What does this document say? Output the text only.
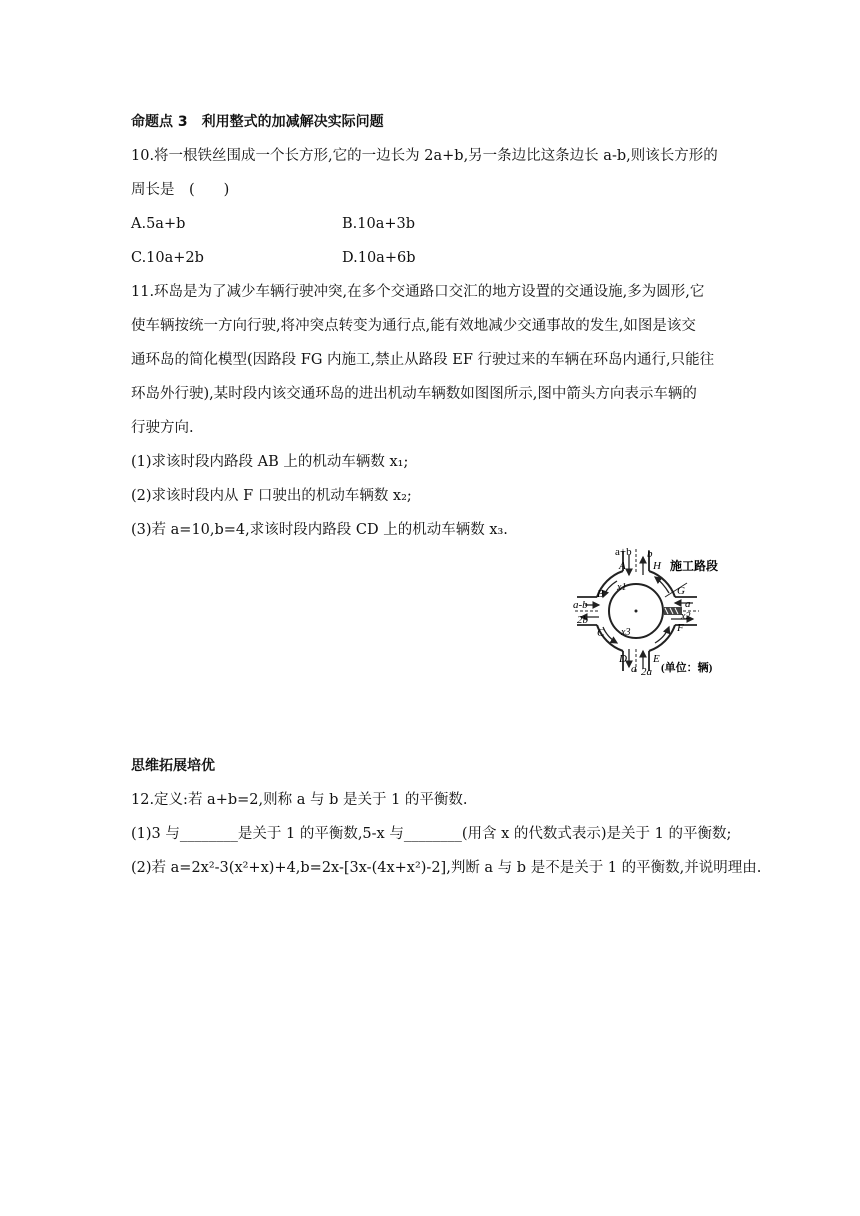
命题点 3　利用整式的加减解决实际问题
10.将一根铁丝围成一个长方形,它的一边长为 2a+b,另一条边比这条边长 a-b,则该长方形的
周长是　(　　)
A.5a+b	B.10a+3b
C.10a+2b	D.10a+6b
11.环岛是为了减少车辆行驶冲突,在多个交通路口交汇的地方设置的交通设施,多为圆形,它
使车辆按统一方向行驶,将冲突点转变为通行点,能有效地减少交通事故的发生,如图是该交
通环岛的简化模型(因路段 FG 内施工,禁止从路段 EF 行驶过来的车辆在环岛内通行,只能往
环岛外行驶),某时段内该交通环岛的进出机动车辆数如图图所示,图中箭头方向表示车辆的
行驶方向.
(1)求该时段内路段 AB 上的机动车辆数 x₁;
(2)求该时段内从 F 口驶出的机动车辆数 x₂;
(3)若 a=10,b=4,求该时段内路段 CD 上的机动车辆数 x₃.
a+b b
A H 施工路段
x1
B	G
a-b	a
x2
2b
C x3	F
D E
a 2a (单位：辆)
思维拓展培优
12.定义:若 a+b=2,则称 a 与 b 是关于 1 的平衡数.
(1)3 与________是关于 1 的平衡数,5-x 与________(用含 x 的代数式表示)是关于 1 的平衡数;
(2)若 a=2x²-3(x²+x)+4,b=2x-[3x-(4x+x²)-2],判断 a 与 b 是不是关于 1 的平衡数,并说明理由.
